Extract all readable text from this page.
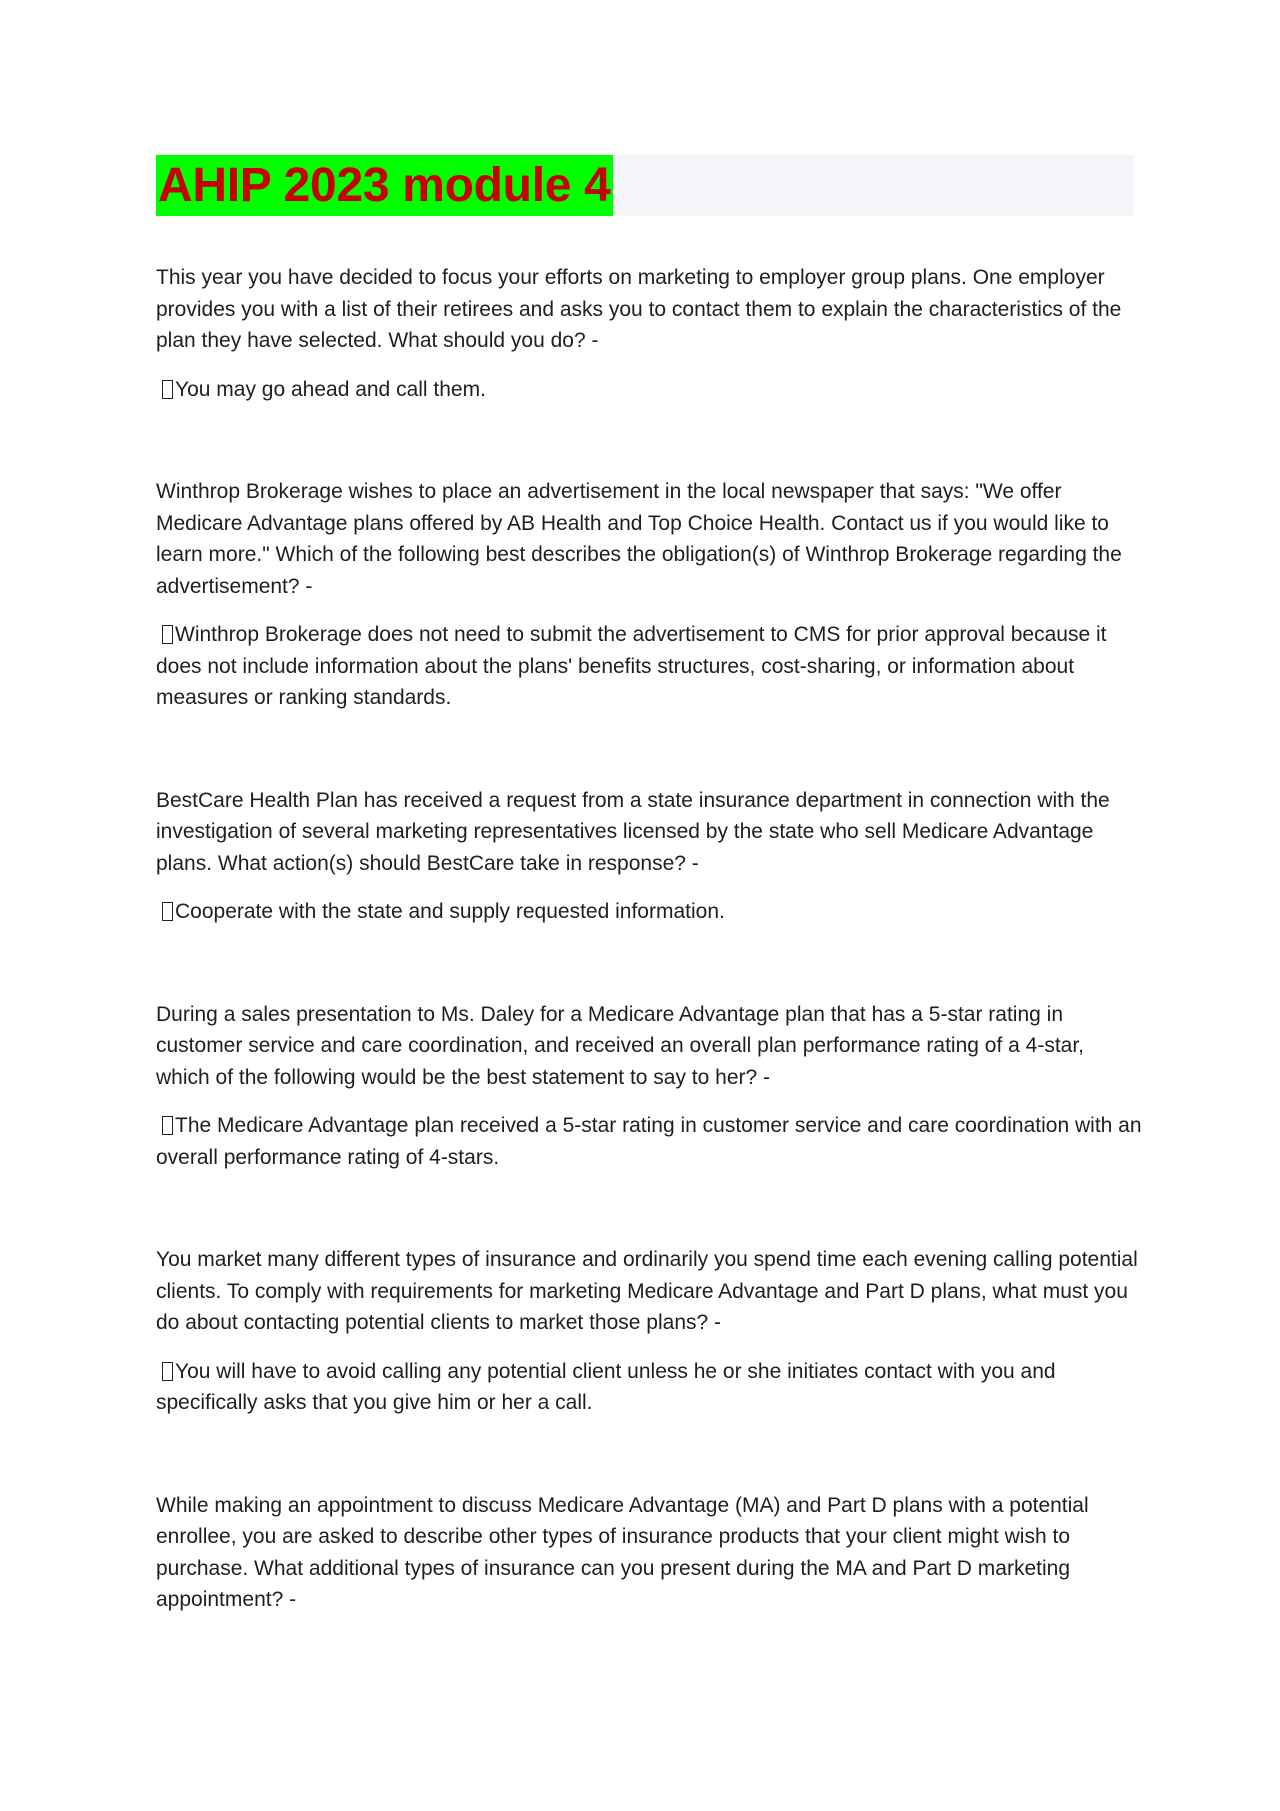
AHIP 2023 module 4

This year you have decided to focus your efforts on marketing to employer group plans. One employer provides you with a list of their retirees and asks you to contact them to explain the characteristics of the plan they have selected. What should you do? -

You may go ahead and call them.

Winthrop Brokerage wishes to place an advertisement in the local newspaper that says: "We offer Medicare Advantage plans offered by AB Health and Top Choice Health. Contact us if you would like to learn more." Which of the following best describes the obligation(s) of Winthrop Brokerage regarding the advertisement? -

Winthrop Brokerage does not need to submit the advertisement to CMS for prior approval because it does not include information about the plans' benefits structures, cost-sharing, or information about measures or ranking standards.

BestCare Health Plan has received a request from a state insurance department in connection with the investigation of several marketing representatives licensed by the state who sell Medicare Advantage plans. What action(s) should BestCare take in response? -

Cooperate with the state and supply requested information.

During a sales presentation to Ms. Daley for a Medicare Advantage plan that has a 5-star rating in customer service and care coordination, and received an overall plan performance rating of a 4-star, which of the following would be the best statement to say to her? -

The Medicare Advantage plan received a 5-star rating in customer service and care coordination with an overall performance rating of 4-stars.

You market many different types of insurance and ordinarily you spend time each evening calling potential clients. To comply with requirements for marketing Medicare Advantage and Part D plans, what must you do about contacting potential clients to market those plans? -

You will have to avoid calling any potential client unless he or she initiates contact with you and specifically asks that you give him or her a call.

While making an appointment to discuss Medicare Advantage (MA) and Part D plans with a potential enrollee, you are asked to describe other types of insurance products that your client might wish to purchase. What additional types of insurance can you present during the MA and Part D marketing appointment? -
